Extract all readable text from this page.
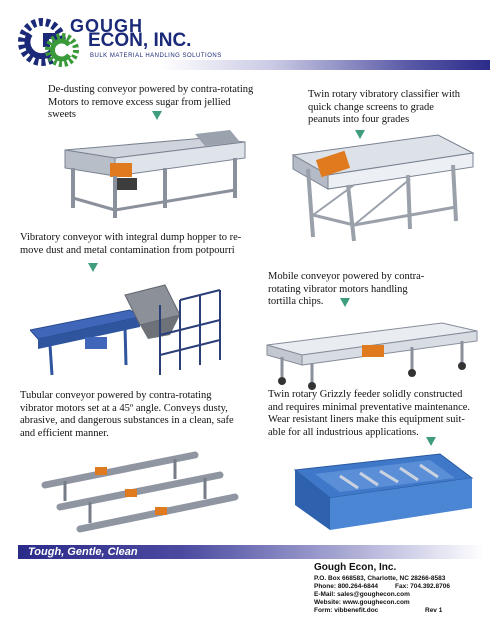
GOUGH
ECON, INC.
BULK MATERIAL HANDLING SOLUTIONS
De-dusting conveyor powered by contra-rotating Motors to remove excess sugar from jellied sweets
Twin rotary vibratory classifier with quick change screens to grade peanuts into four grades
Vibratory conveyor with integral dump hopper to re-move dust and metal contamination from potpourri
Mobile conveyor powered by contra-rotating vibrator motors handling tortilla chips.
Tubular conveyor powered by contra-rotating vibrator motors set at a 45º angle. Conveys dusty, abrasive, and dangerous substances in a clean, safe and efficient manner.
Twin rotary Grizzly feeder solidly constructed and requires minimal preventative maintenance. Wear resistant liners make this equipment suit-able for all industrious applications.
Tough, Gentle, Clean
Gough Econ, Inc.
P.O. Box 668583, Charlotte, NC 28266-8583
Phone: 800.264-6844	Fax: 704.392.8706
E-Mail: sales@goughecon.com
Website: www.goughecon.com
Form: vibbenefit.doc	Rev 1
